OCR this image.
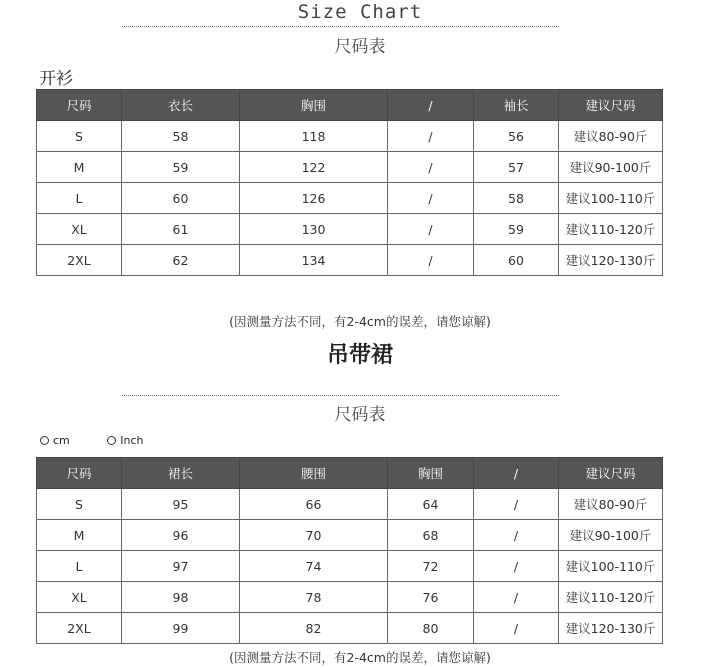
Size Chart
尺码表
开衫
尺码	衣长	胸围	/	袖长	建议尺码
S	58	118	/	56	建议80-90斤
M	59	122	/	57	建议90-100斤
L	60	126	/	58	建议100-110斤
XL	61	130	/	59	建议110-120斤
2XL	62	134	/	60	建议120-130斤
(因测量方法不同，有2-4cm的误差，请您谅解)
吊带裙
尺码表
cm
	Inch
尺码	裙长	腰围	胸围	/	建议尺码
S	95	66	64	/	建议80-90斤
M	96	70	68	/	建议90-100斤
L	97	74	72	/	建议100-110斤
XL	98	78	76	/	建议110-120斤
2XL	99	82	80	/	建议120-130斤
(因测量方法不同，有2-4cm的误差，请您谅解)
